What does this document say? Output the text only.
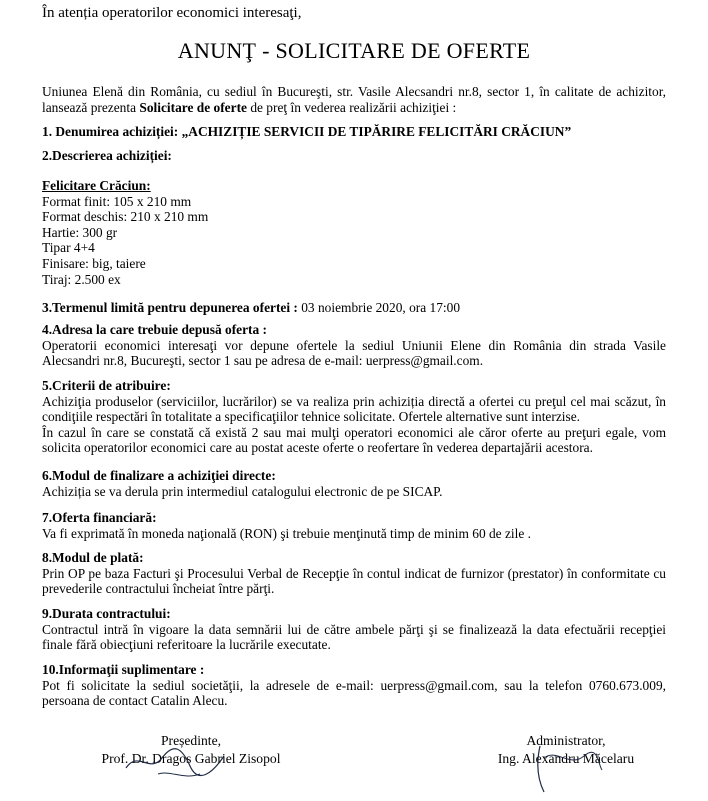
În atenția operatorilor economici interesaţi,
ANUNŢ - SOLICITARE DE OFERTE
Uniunea Elenă din România, cu sediul în Bucureşti, str. Vasile Alecsandri nr.8, sector 1, în calitate de achizitor, lansează prezenta Solicitare de oferte de preţ în vederea realizării achiziţiei :
1. Denumirea achiziției: „ACHIZIȚIE SERVICII DE TIPĂRIRE FELICITĂRI CRĂCIUN”
2.Descrierea achiziției:
Felicitare Crăciun:
Format finit: 105 x 210 mm
Format deschis: 210 x 210 mm
Hartie: 300 gr
Tipar 4+4
Finisare: big, taiere
Tiraj: 2.500 ex
3.Termenul limită pentru depunerea ofertei : 03 noiembrie 2020, ora 17:00
4.Adresa la care trebuie depusă oferta :
Operatorii economici interesaţi vor depune ofertele la sediul Uniunii Elene din România din strada Vasile Alecsandri nr.8, Bucureşti, sector 1 sau pe adresa de e-mail: uerpress@gmail.com.
5.Criterii de atribuire:
Achiziţia produselor (serviciilor, lucrărilor) se va realiza prin achiziția directă a ofertei cu preţul cel mai scăzut, în condiţiile respectări în totalitate a specificaţiilor tehnice solicitate. Ofertele alternative sunt interzise.
În cazul în care se constată că există 2 sau mai mulţi operatori economici ale căror oferte au preţuri egale, vom solicita operatorilor economici care au postat aceste oferte o reofertare în vederea departajării acestora.
6.Modul de finalizare a achiziţiei directe:
Achiziția se va derula prin intermediul catalogului electronic de pe SICAP.
7.Oferta financiară:
Va fi exprimată în moneda naţională (RON) şi trebuie menţinută timp de minim 60 de zile .
8.Modul de plată:
Prin OP pe baza Facturi şi Procesului Verbal de Recepţie în contul indicat de furnizor (prestator) în conformitate cu prevederile contractului încheiat între părţi.
9.Durata contractului:
Contractul intră în vigoare la data semnării lui de către ambele părţi şi se finalizează la data efectuării recepţiei finale fără obiecţiuni referitoare la lucrările executate.
10.Informaţii suplimentare :
Pot fi solicitate la sediul societăţii, la adresele de e-mail: uerpress@gmail.com, sau la telefon 0760.673.009, persoana de contact Catalin Alecu.
Președinte,
Prof. Dr. Dragos Gabriel Zisopol
Administrator,
Ing. Alexandru Măcelaru
